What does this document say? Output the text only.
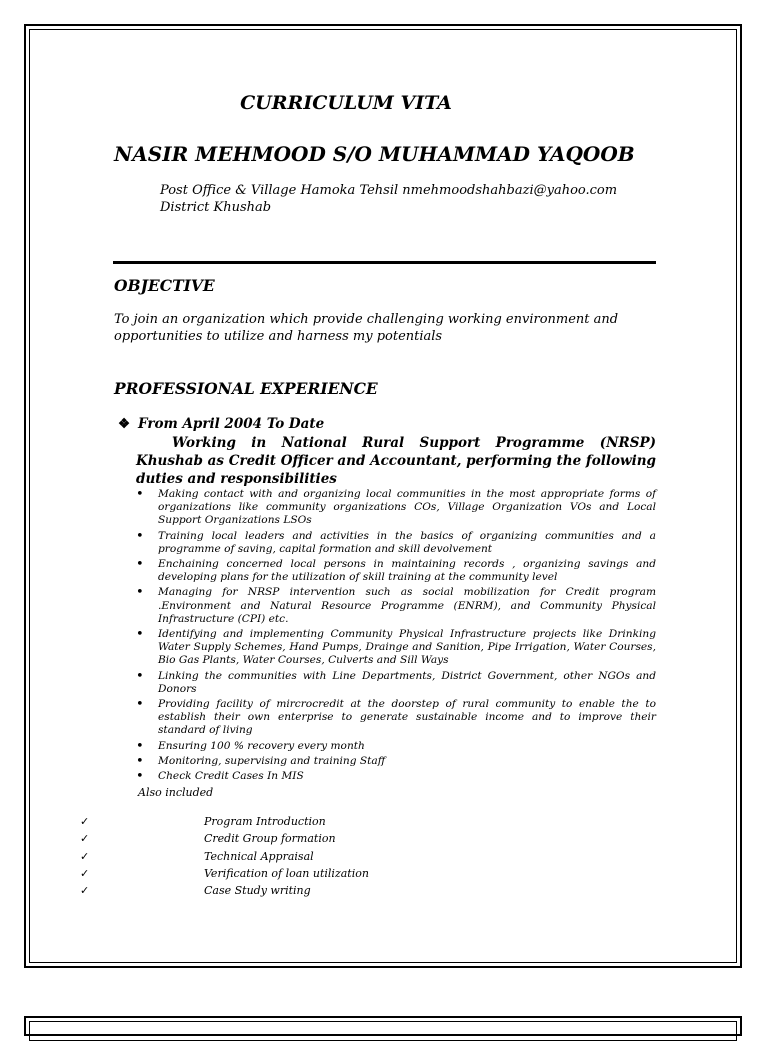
CURRICULUM VITA
NASIR MEHMOOD S/O MUHAMMAD YAQOOB
Post Office & Village Hamoka Tehsil nmehmoodshahbazi@yahoo.com District Khushab
OBJECTIVE
To join an organization which provide challenging working environment and opportunities to utilize and harness my potentials
PROFESSIONAL EXPERIENCE
❖ From April 2004 To Date
Working in National Rural Support Programme (NRSP) Khushab as Credit Officer and Accountant, performing the following duties and responsibilities
• Making contact with and organizing local communities in the most appropriate forms of organizations like community organizations COs, Village Organization VOs and Local Support Organizations LSOs
• Training local leaders and activities in the basics of organizing communities and a programme of saving, capital formation and skill devolvement
• Enchaining concerned local persons in maintaining records , organizing savings and developing plans for the utilization of skill training at the community level
• Managing for NRSP intervention such as social mobilization for Credit program .Environment and Natural Resource Programme (ENRM), and Community Physical Infrastructure (CPI) etc.
• Identifying and implementing Community Physical Infrastructure projects like Drinking Water Supply Schemes, Hand Pumps, Drainge and Sanition, Pipe Irrigation, Water Courses, Bio Gas Plants, Water Courses, Culverts and Sill Ways
• Linking the communities with Line Departments, District Government, other NGOs and Donors
• Providing facility of mircrocredit at the doorstep of rural community to enable the to establish their own enterprise to generate sustainable income and to improve their standard of living
• Ensuring 100 % recovery every month
• Monitoring, supervising and training Staff
• Check Credit Cases In MIS
Also included
✓	Program Introduction
✓	Credit Group formation
✓	Technical Appraisal
✓	Verification of loan utilization
✓	Case Study writing
